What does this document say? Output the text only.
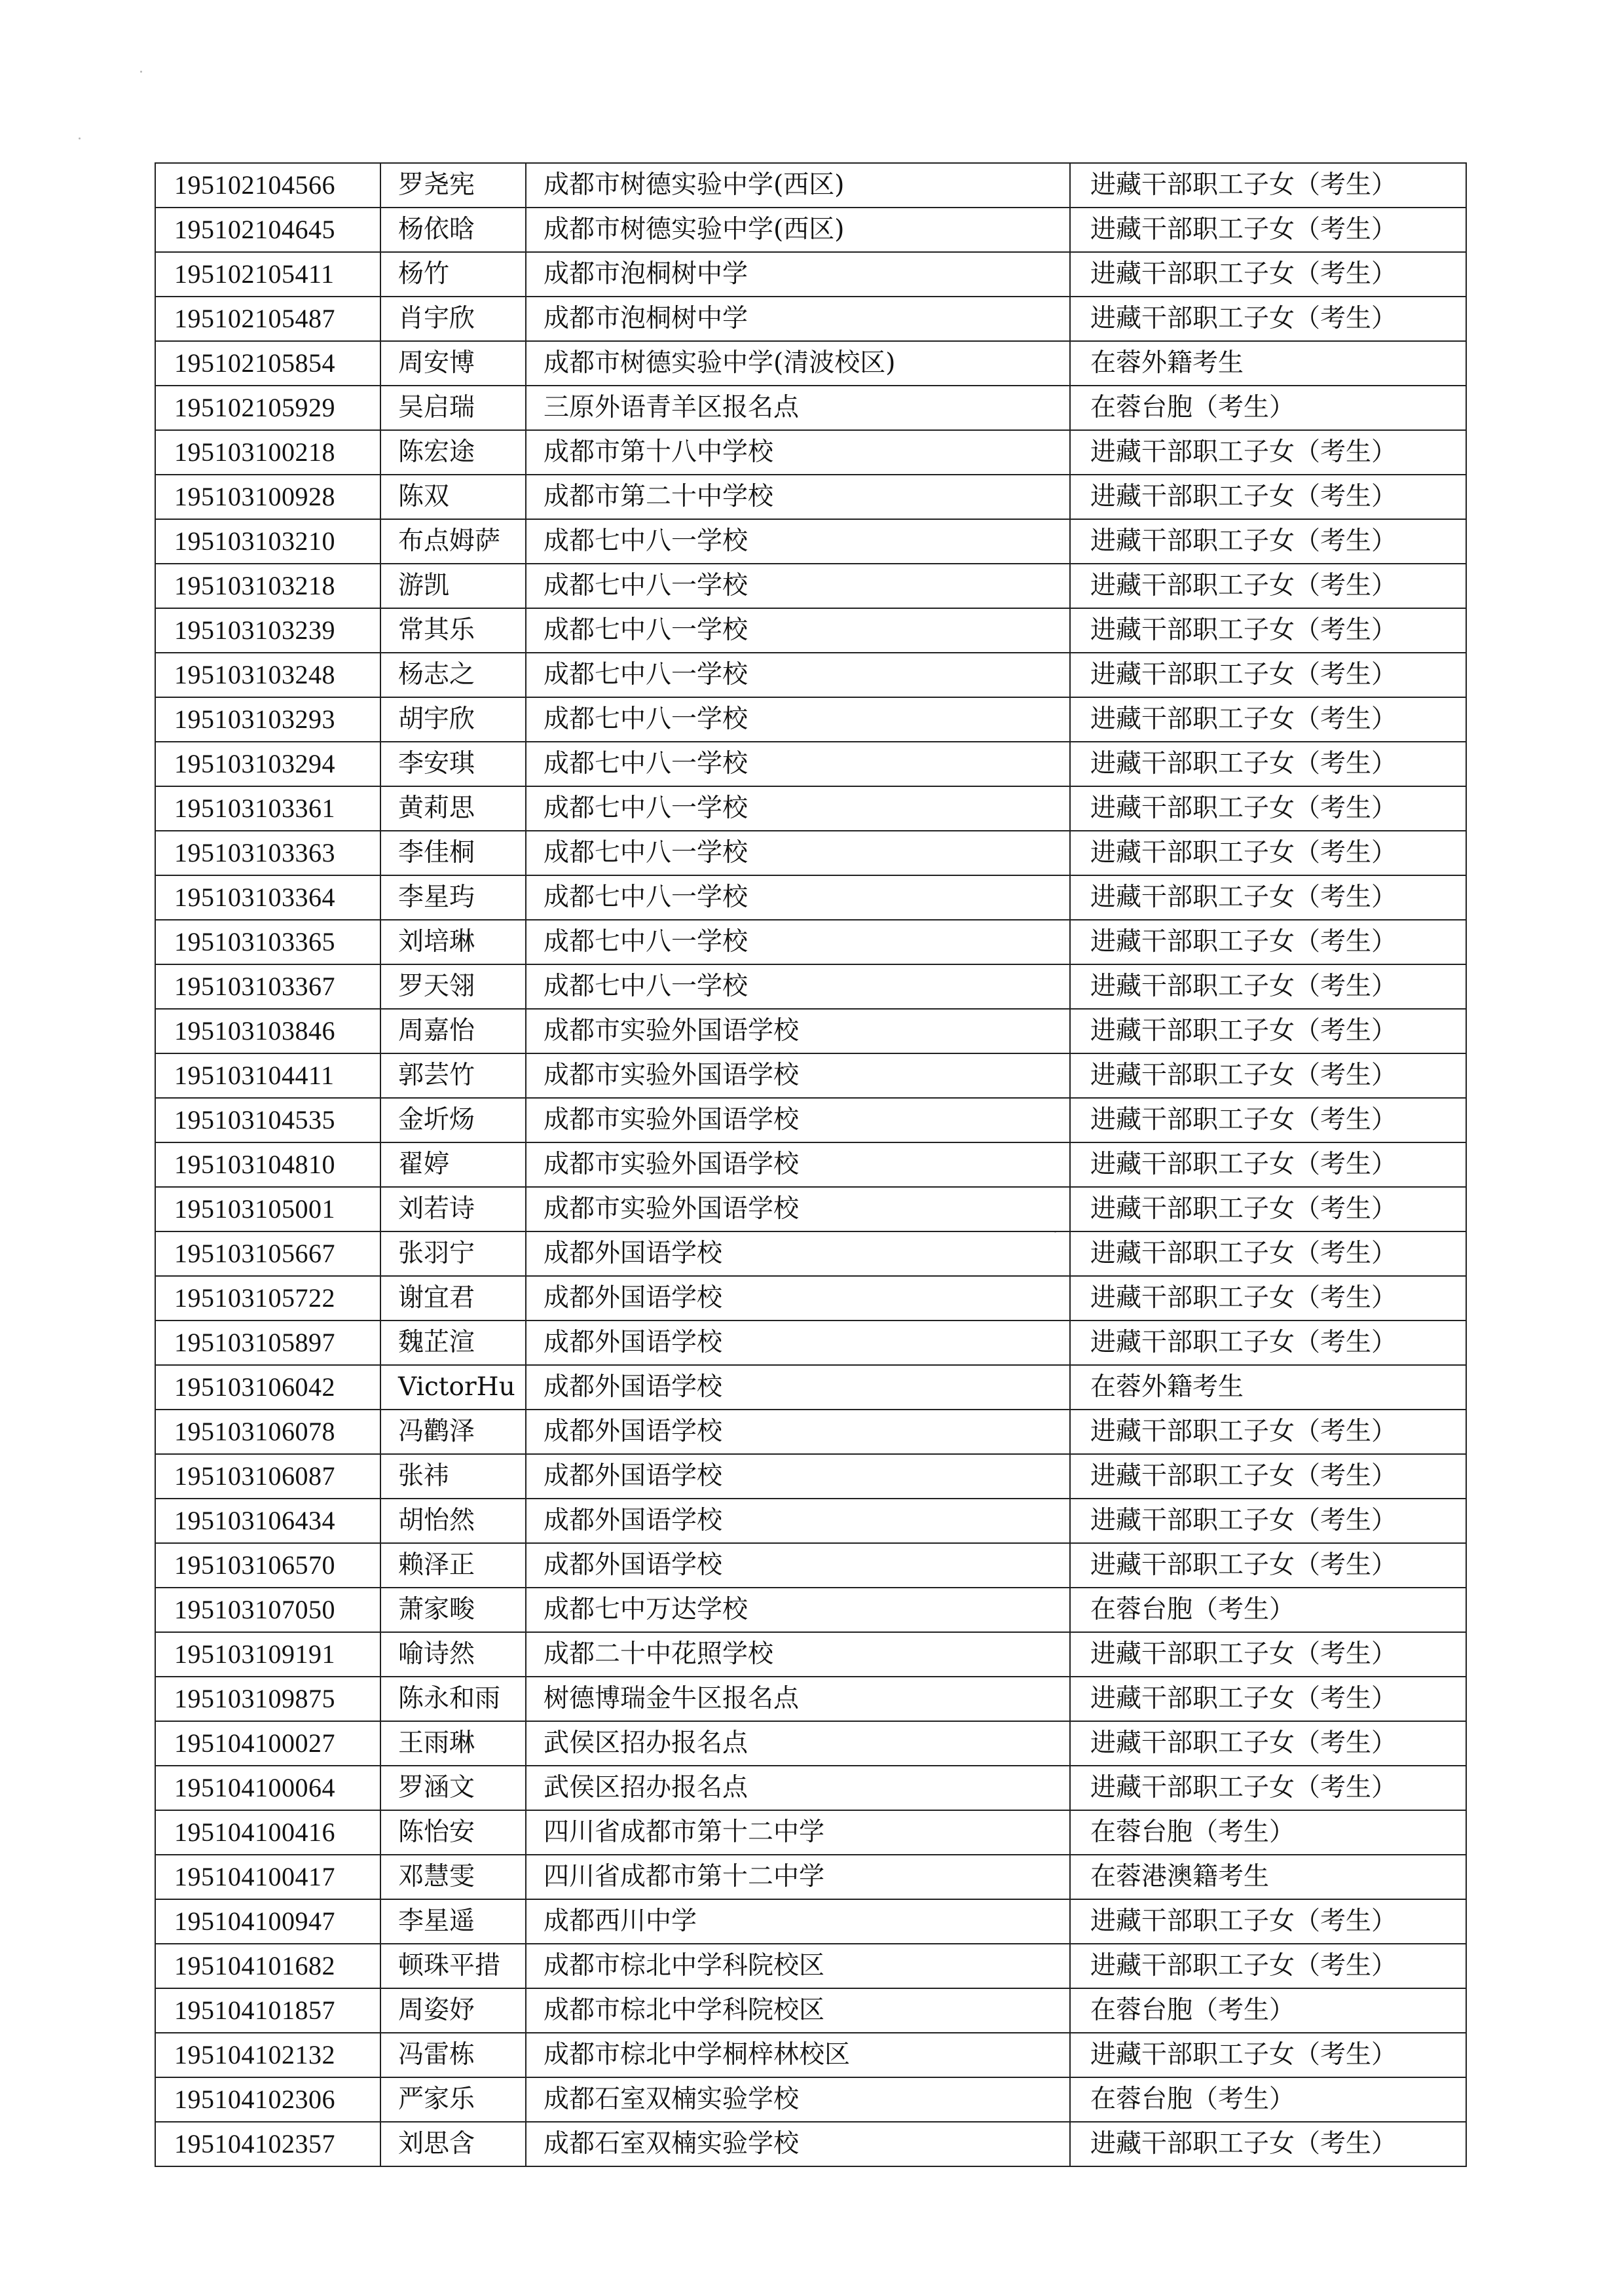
195102104566	罗尧宪	成都市树德实验中学(西区)	进藏干部职工子女（考生）
195102104645	杨依晗	成都市树德实验中学(西区)	进藏干部职工子女（考生）
195102105411	杨竹	成都市泡桐树中学	进藏干部职工子女（考生）
195102105487	肖宇欣	成都市泡桐树中学	进藏干部职工子女（考生）
195102105854	周安博	成都市树德实验中学(清波校区)	在蓉外籍考生
195102105929	吴启瑞	三原外语青羊区报名点	在蓉台胞（考生）
195103100218	陈宏途	成都市第十八中学校	进藏干部职工子女（考生）
195103100928	陈双	成都市第二十中学校	进藏干部职工子女（考生）
195103103210	布点姆萨	成都七中八一学校	进藏干部职工子女（考生）
195103103218	游凯	成都七中八一学校	进藏干部职工子女（考生）
195103103239	常其乐	成都七中八一学校	进藏干部职工子女（考生）
195103103248	杨志之	成都七中八一学校	进藏干部职工子女（考生）
195103103293	胡宇欣	成都七中八一学校	进藏干部职工子女（考生）
195103103294	李安琪	成都七中八一学校	进藏干部职工子女（考生）
195103103361	黄莉思	成都七中八一学校	进藏干部职工子女（考生）
195103103363	李佳桐	成都七中八一学校	进藏干部职工子女（考生）
195103103364	李星玙	成都七中八一学校	进藏干部职工子女（考生）
195103103365	刘培琳	成都七中八一学校	进藏干部职工子女（考生）
195103103367	罗天翎	成都七中八一学校	进藏干部职工子女（考生）
195103103846	周嘉怡	成都市实验外国语学校	进藏干部职工子女（考生）
195103104411	郭芸竹	成都市实验外国语学校	进藏干部职工子女（考生）
195103104535	金圻炀	成都市实验外国语学校	进藏干部职工子女（考生）
195103104810	翟婷	成都市实验外国语学校	进藏干部职工子女（考生）
195103105001	刘若诗	成都市实验外国语学校	进藏干部职工子女（考生）
195103105667	张羽宁	成都外国语学校	进藏干部职工子女（考生）
195103105722	谢宜君	成都外国语学校	进藏干部职工子女（考生）
195103105897	魏芷渲	成都外国语学校	进藏干部职工子女（考生）
195103106042	VictorHu	成都外国语学校	在蓉外籍考生
195103106078	冯鹳泽	成都外国语学校	进藏干部职工子女（考生）
195103106087	张祎	成都外国语学校	进藏干部职工子女（考生）
195103106434	胡怡然	成都外国语学校	进藏干部职工子女（考生）
195103106570	赖泽正	成都外国语学校	进藏干部职工子女（考生）
195103107050	萧家畯	成都七中万达学校	在蓉台胞（考生）
195103109191	喻诗然	成都二十中花照学校	进藏干部职工子女（考生）
195103109875	陈永和雨	树德博瑞金牛区报名点	进藏干部职工子女（考生）
195104100027	王雨琳	武侯区招办报名点	进藏干部职工子女（考生）
195104100064	罗涵文	武侯区招办报名点	进藏干部职工子女（考生）
195104100416	陈怡安	四川省成都市第十二中学	在蓉台胞（考生）
195104100417	邓慧雯	四川省成都市第十二中学	在蓉港澳籍考生
195104100947	李星遥	成都西川中学	进藏干部职工子女（考生）
195104101682	顿珠平措	成都市棕北中学科院校区	进藏干部职工子女（考生）
195104101857	周姿妤	成都市棕北中学科院校区	在蓉台胞（考生）
195104102132	冯雷栋	成都市棕北中学桐梓林校区	进藏干部职工子女（考生）
195104102306	严家乐	成都石室双楠实验学校	在蓉台胞（考生）
195104102357	刘思含	成都石室双楠实验学校	进藏干部职工子女（考生）
